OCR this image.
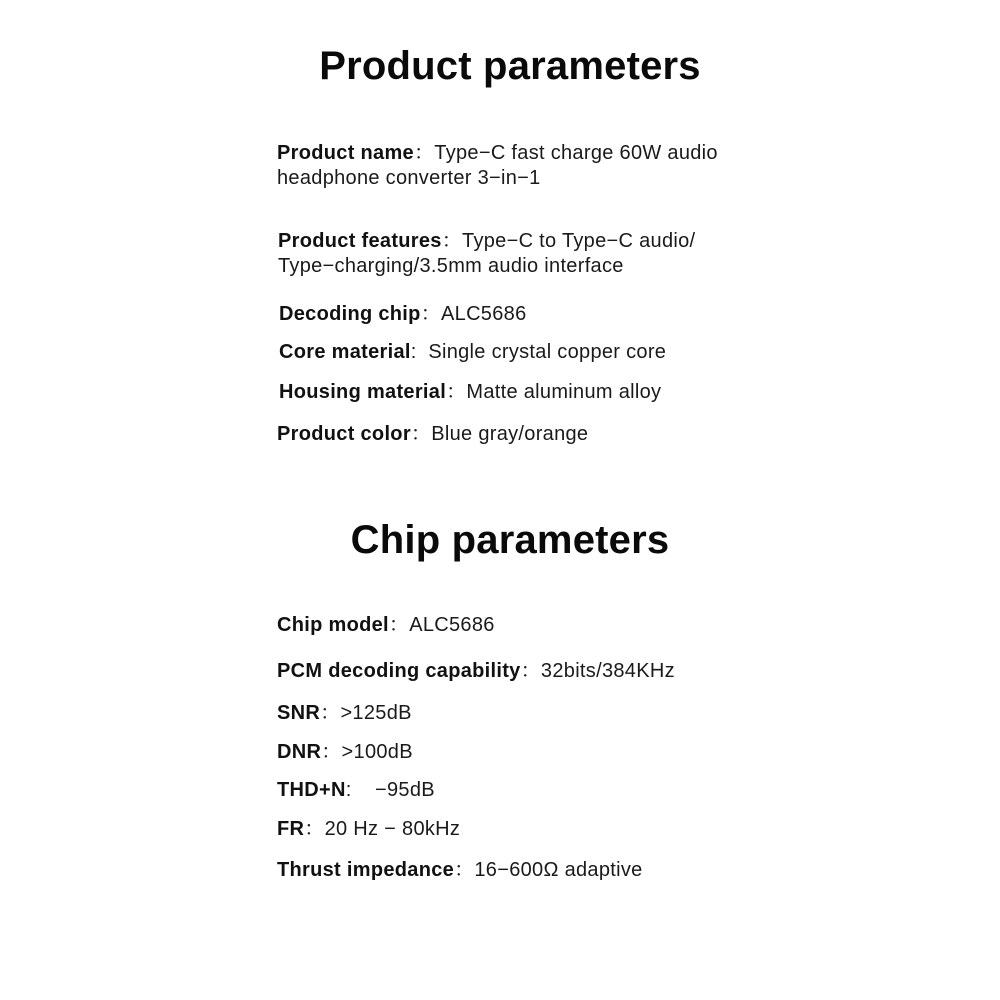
Product parameters
Product name：Type−C fast charge 60W audio headphone converter 3−in−1
Product features：Type−C to Type−C audio/ Type−charging/3.5mm audio interface
Decoding chip：ALC5686
Core material:  Single crystal copper core
Housing material：Matte aluminum alloy
Product color：Blue gray/orange
Chip parameters
Chip model：ALC5686
PCM decoding capability：32bits/384KHz
SNR：>125dB
DNR：>100dB
THD+N:    −95dB
FR：20 Hz − 80kHz
Thrust impedance：16−600Ω adaptive
